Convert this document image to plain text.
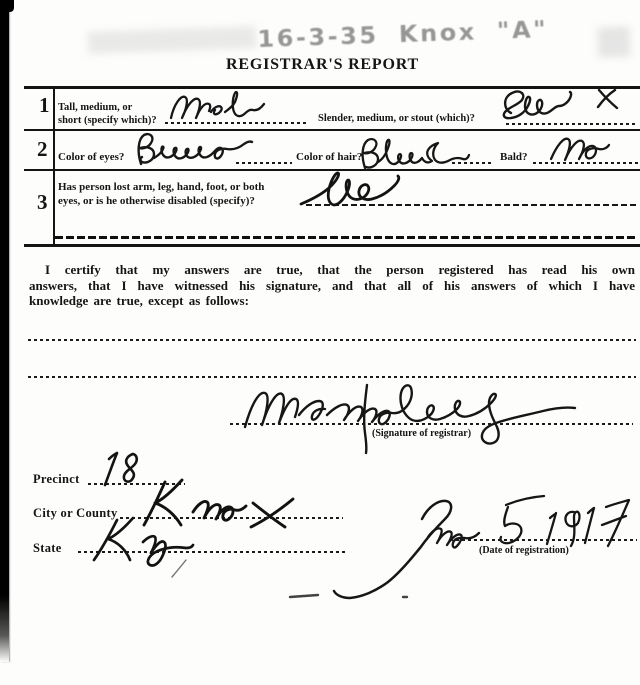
16-3-35 Knox "A"
REGISTRAR'S REPORT
1 Tall, medium, or
short (specify which)?	Slender, medium, or stout (which)?
2 Color of eyes?	Color of hair?	Bald?
3
Has person lost arm, leg, hand, foot, or both
eyes, or is he otherwise disabled (specify)?
I certify that my answers are true, that the person registered has read his own
answers, that I have witnessed his signature, and that all of his answers of which I have
knowledge are true, except as follows:
(Signature of registrar)
Precinct
City or County
State	(Date of registration)
